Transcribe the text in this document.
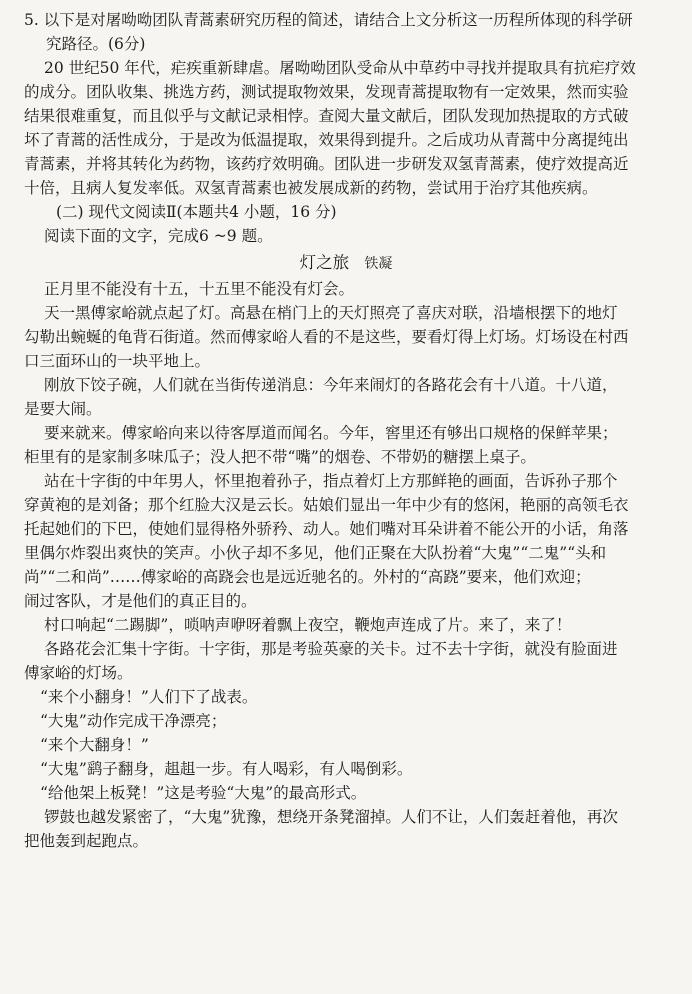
5. 以下是对屠呦呦团队青蒿素研究历程的简述，请结合上文分析这一历程所体现的科学研

究路径。(6分)

20 世纪50 年代，疟疾重新肆虐。屠呦呦团队受命从中草药中寻找并提取具有抗疟疗效

的成分。团队收集、挑选方药，测试提取物效果，发现青蒿提取物有一定效果，然而实验

结果很难重复，而且似乎与文献记录相悖。查阅大量文献后，团队发现加热提取的方式破

坏了青蒿的活性成分，于是改为低温提取，效果得到提升。之后成功从青蒿中分离提纯出

青蒿素，并将其转化为药物，该药疗效明确。团队进一步研发双氢青蒿素，使疗效提高近

十倍，且病人复发率低。双氢青蒿素也被发展成新的药物，尝试用于治疗其他疾病。

(二) 现代文阅读Ⅱ(本题共4 小题，16 分)

阅读下面的文字，完成6 ~9 题。

灯之旅 铁凝

正月里不能没有十五，十五里不能没有灯会。

天一黑傅家峪就点起了灯。高悬在梢门上的天灯照亮了喜庆对联，沿墙根摆下的地灯

勾勒出蜿蜒的龟背石街道。然而傅家峪人看的不是这些，要看灯得上灯场。灯场设在村西

口三面环山的一块平地上。

刚放下饺子碗，人们就在当街传递消息：今年来闹灯的各路花会有十八道。十八道，

是要大闹。

要来就来。傅家峪向来以待客厚道而闻名。今年，窖里还有够出口规格的保鲜苹果；

柜里有的是家制多味瓜子；没人把不带“嘴”的烟卷、不带奶的糖摆上桌子。

站在十字街的中年男人，怀里抱着孙子，指点着灯上方那鲜艳的画面，告诉孙子那个

穿黄袍的是刘备；那个红脸大汉是云长。姑娘们显出一年中少有的悠闲，艳丽的高领毛衣

托起她们的下巴，使她们显得格外骄矜、动人。她们嘴对耳朵讲着不能公开的小话，角落

里偶尔炸裂出爽快的笑声。小伙子却不多见，他们正聚在大队扮着“大鬼”“二鬼”“头和

尚”“二和尚”……傅家峪的高跷会也是远近驰名的。外村的“高跷”要来，他们欢迎；

闹过客队，才是他们的真正目的。

村口响起“二踢脚”，唢呐声咿呀着飘上夜空，鞭炮声连成了片。来了，来了！

各路花会汇集十字街。十字街，那是考验英豪的关卡。过不去十字街，就没有脸面进

傅家峪的灯场。

“来个小翻身！”人们下了战表。

“大鬼”动作完成干净漂亮；

“来个大翻身！”

“大鬼”鹞子翻身，趄趄一步。有人喝彩，有人喝倒彩。

“给他架上板凳！”这是考验“大鬼”的最高形式。

锣鼓也越发紧密了，“大鬼”犹豫，想绕开条凳溜掉。人们不让，人们轰赶着他，再次

把他轰到起跑点。
